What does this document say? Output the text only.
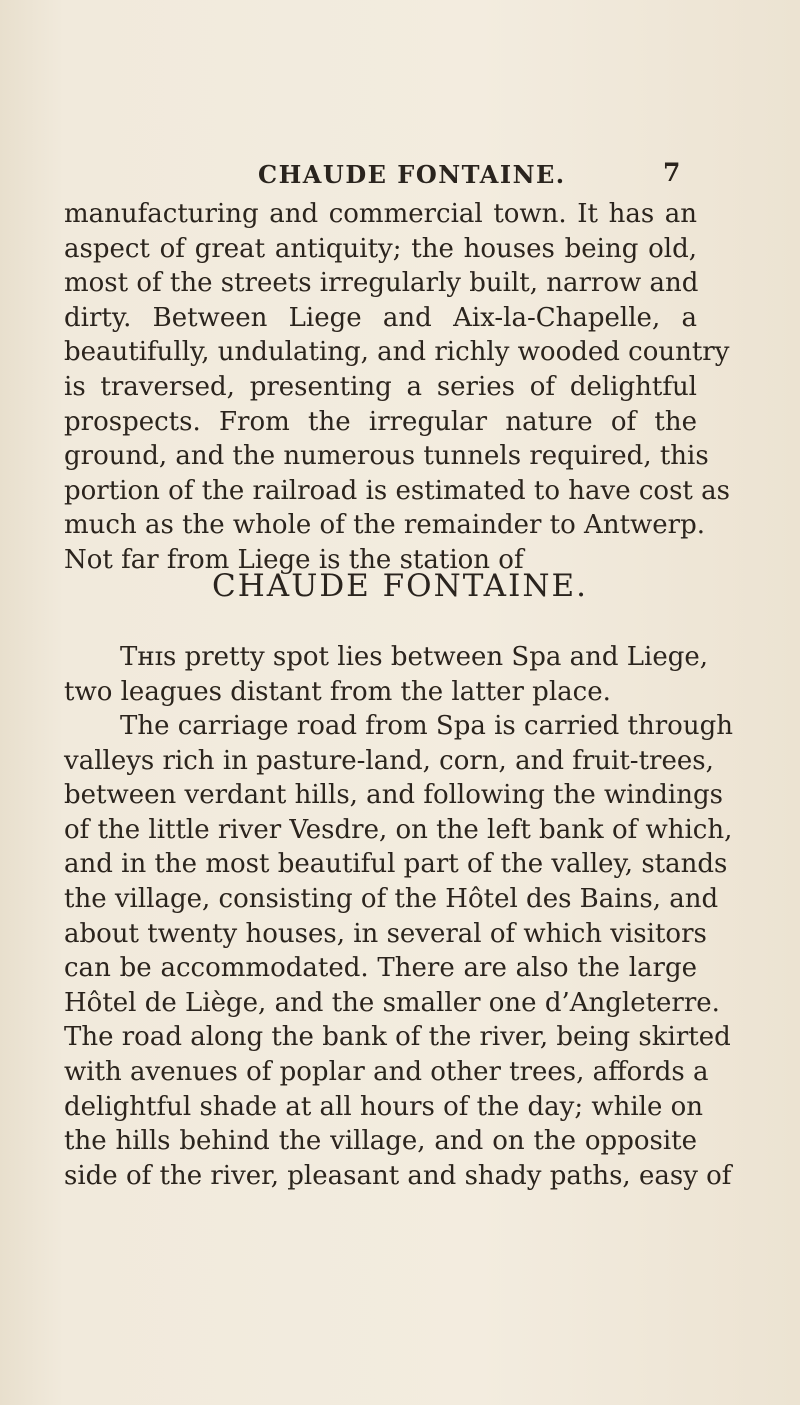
CHAUDE FONTAINE.	7
manufacturing and commercial town. It has an
aspect of great antiquity; the houses being old,
most of the streets irregularly built, narrow and
dirty. Between Liege and Aix-la-Chapelle, a
beautifully, undulating, and richly wooded country
is traversed, presenting a series of delightful
prospects. From the irregular nature of the
ground, and the numerous tunnels required, this
portion of the railroad is estimated to have cost as
much as the whole of the remainder to Antwerp.
Not far from Liege is the station of
CHAUDE FONTAINE.
Tʜɪs pretty spot lies between Spa and Liege,
two leagues distant from the latter place.
The carriage road from Spa is carried through
valleys rich in pasture-land, corn, and fruit-trees,
between verdant hills, and following the windings
of the little river Vesdre, on the left bank of which,
and in the most beautiful part of the valley, stands
the village, consisting of the Hôtel des Bains, and
about twenty houses, in several of which visitors
can be accommodated. There are also the large
Hôtel de Liège, and the smaller one d’Angleterre.
The road along the bank of the river, being skirted
with avenues of poplar and other trees, affords a
delightful shade at all hours of the day; while on
the hills behind the village, and on the opposite
side of the river, pleasant and shady paths, easy of
